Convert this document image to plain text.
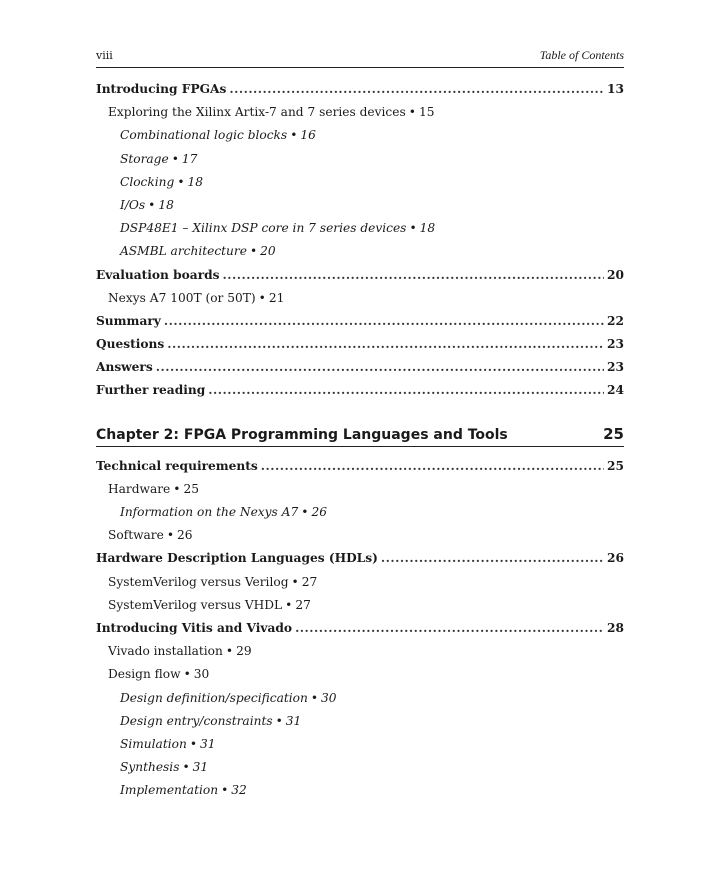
viii	Table of Contents
Introducing FPGAs .....	13
Exploring the Xilinx Artix-7 and 7 series devices • 15
Combinational logic blocks • 16
Storage • 17
Clocking • 18
I/Os • 18
DSP48E1 – Xilinx DSP core in 7 series devices • 18
ASMBL architecture • 20
Evaluation boards .....	20
Nexys A7 100T (or 50T) • 21
Summary .....	22
Questions .....	23
Answers .....	23
Further reading .....	24
Chapter 2: FPGA Programming Languages and Tools	25
Technical requirements .....	25
Hardware • 25
Information on the Nexys A7 • 26
Software • 26
Hardware Description Languages (HDLs) .....	26
SystemVerilog versus Verilog • 27
SystemVerilog versus VHDL • 27
Introducing Vitis and Vivado .....	28
Vivado installation • 29
Design flow • 30
Design definition/specification • 30
Design entry/constraints • 31
Simulation • 31
Synthesis • 31
Implementation • 32
